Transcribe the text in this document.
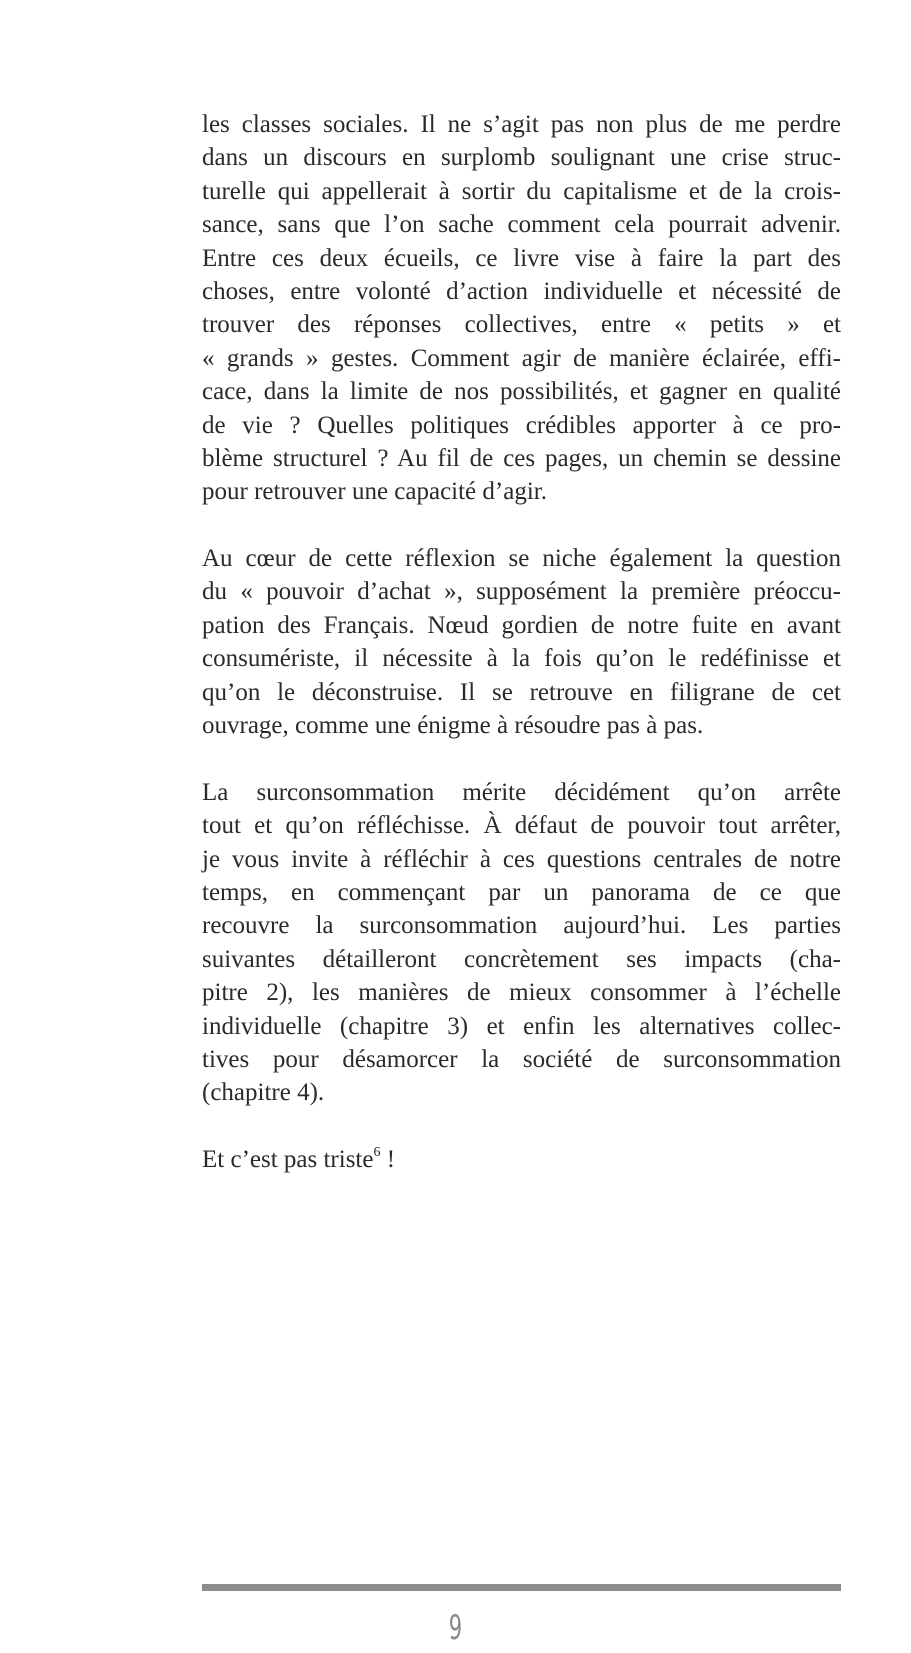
les classes sociales. Il ne s’agit pas non plus de me perdre
dans un discours en surplomb soulignant une crise struc-
turelle qui appellerait à sortir du capitalisme et de la crois-
sance, sans que l’on sache comment cela pourrait advenir.
Entre ces deux écueils, ce livre vise à faire la part des
choses, entre volonté d’action individuelle et nécessité de
trouver des réponses collectives, entre « petits » et
« grands » gestes. Comment agir de manière éclairée, effi-
cace, dans la limite de nos possibilités, et gagner en qualité
de vie ? Quelles politiques crédibles apporter à ce pro-
blème structurel ? Au fil de ces pages, un chemin se dessine
pour retrouver une capacité d’agir.
Au cœur de cette réflexion se niche également la question
du « pouvoir d’achat », supposément la première préoccu-
pation des Français. Nœud gordien de notre fuite en avant
consumériste, il nécessite à la fois qu’on le redéfinisse et
qu’on le déconstruise. Il se retrouve en filigrane de cet
ouvrage, comme une énigme à résoudre pas à pas.
La surconsommation mérite décidément qu’on arrête
tout et qu’on réfléchisse. À défaut de pouvoir tout arrêter,
je vous invite à réfléchir à ces questions centrales de notre
temps, en commençant par un panorama de ce que
recouvre la surconsommation aujourd’hui. Les parties
suivantes détailleront concrètement ses impacts (cha-
pitre 2), les manières de mieux consommer à l’échelle
individuelle (chapitre 3) et enfin les alternatives collec-
tives pour désamorcer la société de surconsommation
(chapitre 4).
Et c’est pas triste$^6$ !
9
